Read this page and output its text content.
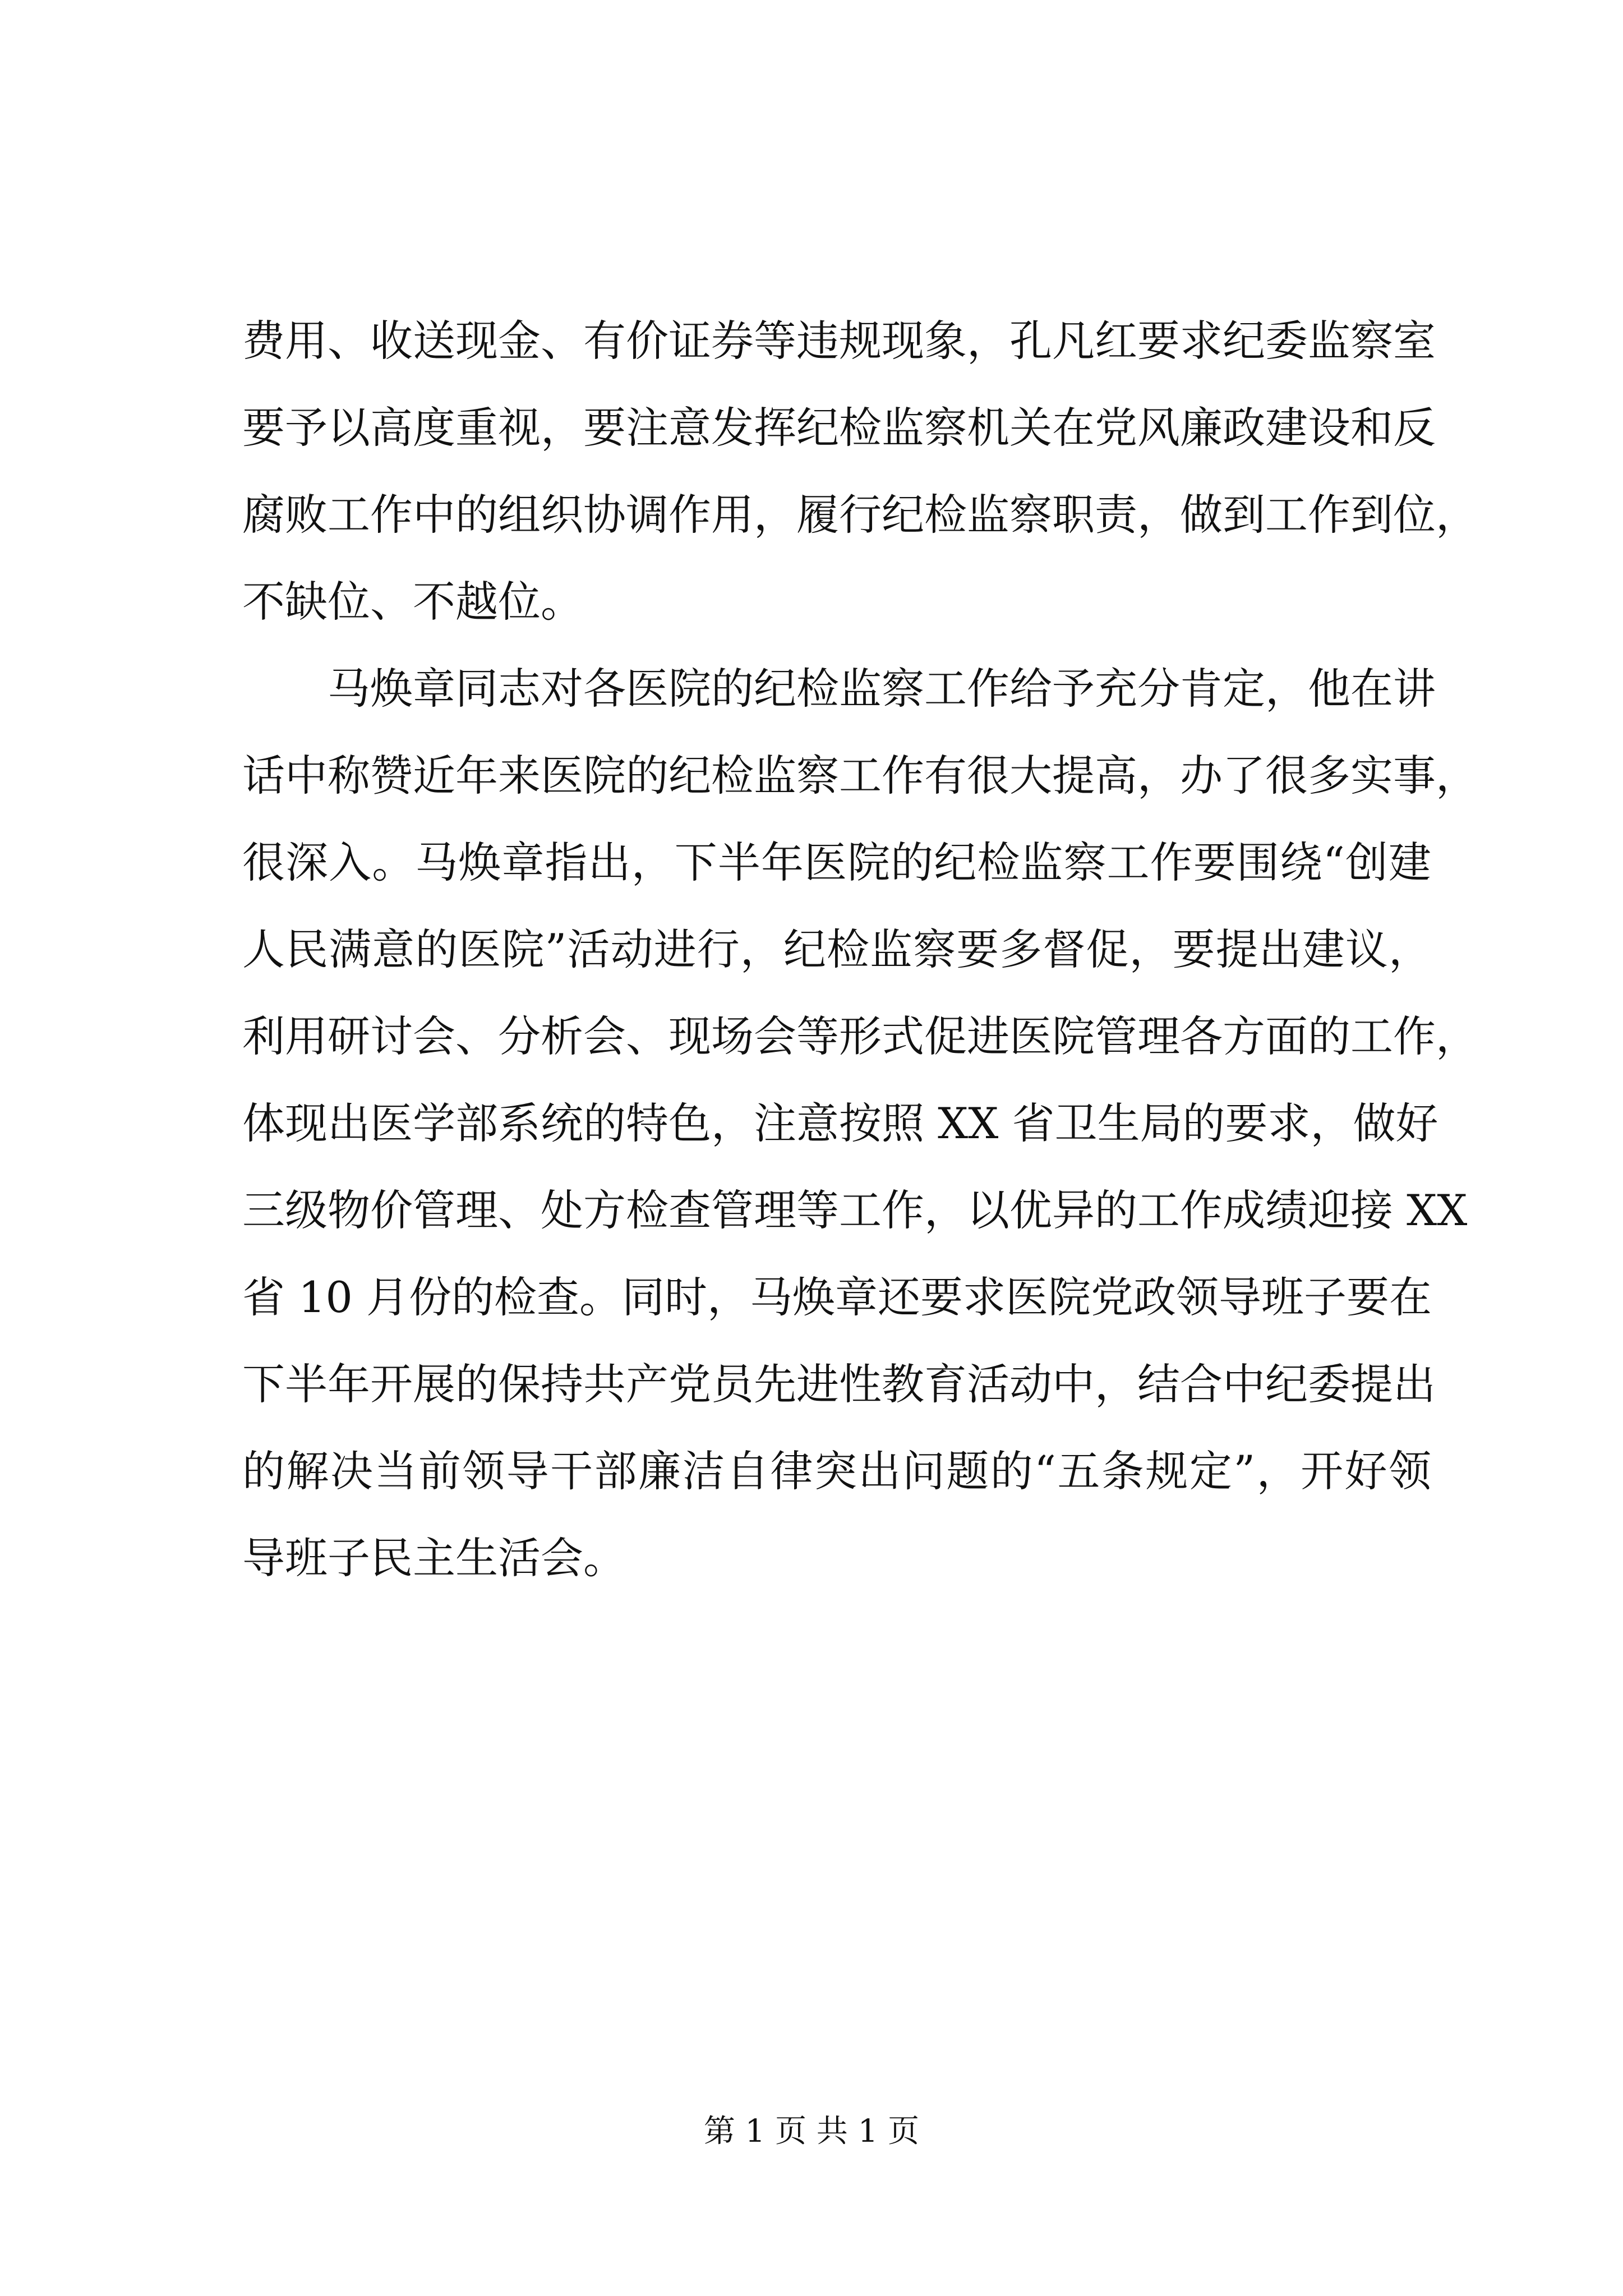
费用、收送现金、有价证券等违规现象，孔凡红要求纪委监察室
要予以高度重视，要注意发挥纪检监察机关在党风廉政建设和反
腐败工作中的组织协调作用，履行纪检监察职责，做到工作到位，
不缺位、不越位。
　　马焕章同志对各医院的纪检监察工作给予充分肯定，他在讲
话中称赞近年来医院的纪检监察工作有很大提高，办了很多实事，
很深入。马焕章指出，下半年医院的纪检监察工作要围绕“创建
人民满意的医院”活动进行，纪检监察要多督促，要提出建议，
利用研讨会、分析会、现场会等形式促进医院管理各方面的工作，
体现出医学部系统的特色，注意按照 XX 省卫生局的要求，做好
三级物价管理、处方检查管理等工作，以优异的工作成绩迎接 XX
省 10 月份的检查。同时，马焕章还要求医院党政领导班子要在
下半年开展的保持共产党员先进性教育活动中，结合中纪委提出
的解决当前领导干部廉洁自律突出问题的“五条规定”，开好领
导班子民主生活会。
第 1 页 共 1 页
